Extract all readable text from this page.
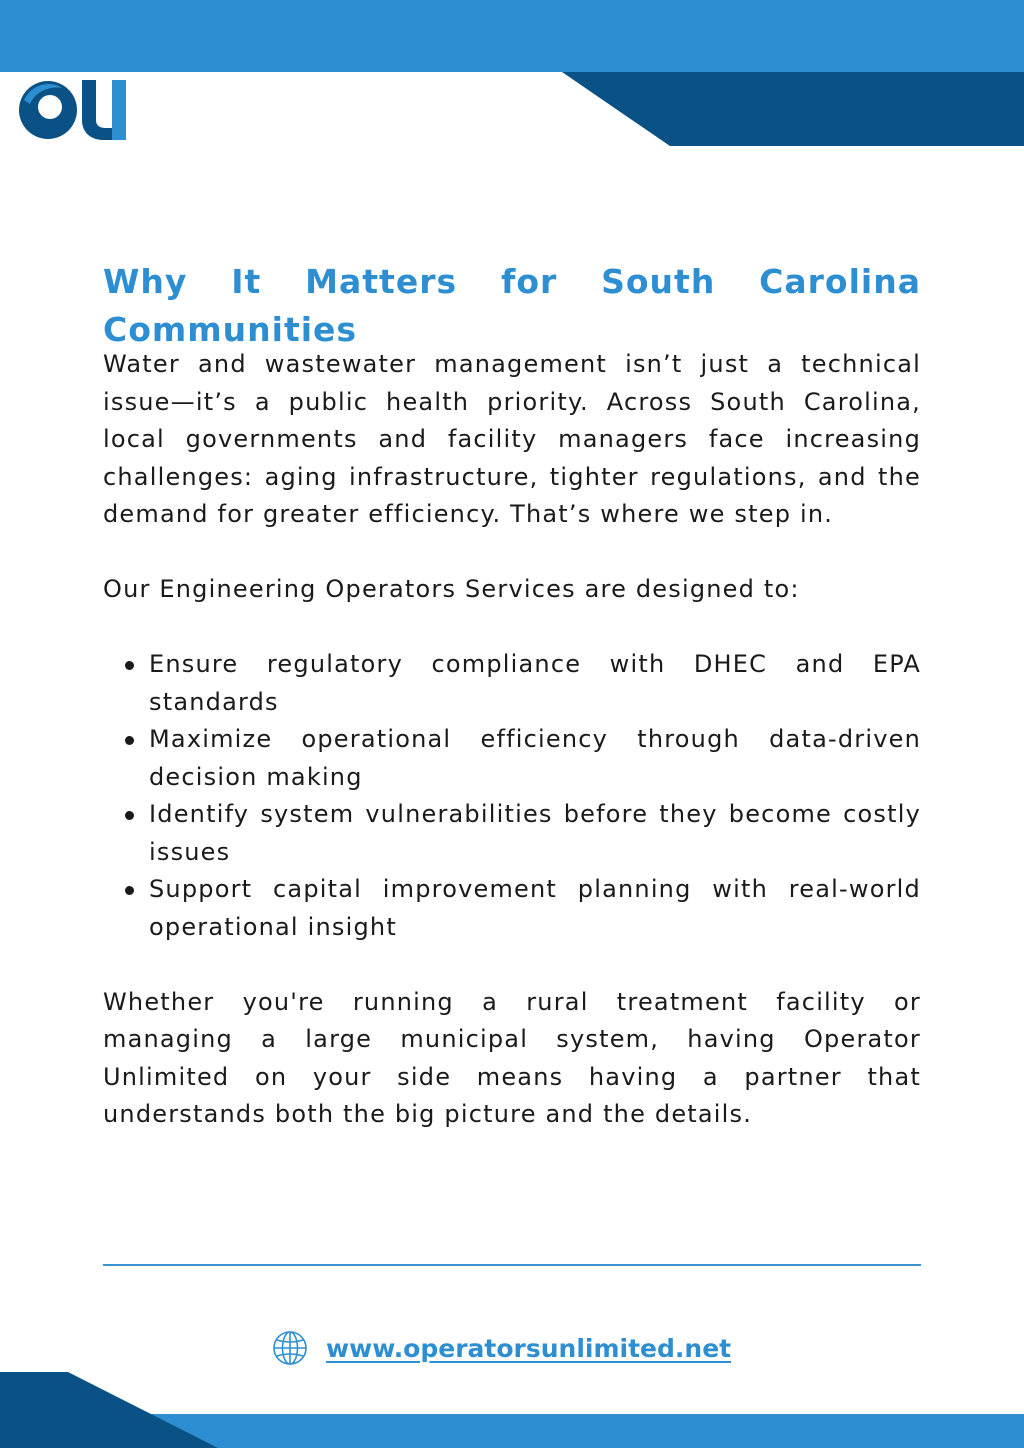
Why It Matters for South Carolina Communities

Water and wastewater management isn’t just a technical issue—it’s a public health priority. Across South Carolina, local governments and facility managers face increasing challenges: aging infrastructure, tighter regulations, and the demand for greater efficiency. That’s where we step in.

Our Engineering Operators Services are designed to:

Ensure regulatory compliance with DHEC and EPA standards
Maximize operational efficiency through data-driven decision making
Identify system vulnerabilities before they become costly issues
Support capital improvement planning with real-world operational insight

Whether you're running a rural treatment facility or managing a large municipal system, having Operator Unlimited on your side means having a partner that understands both the big picture and the details.

www.operatorsunlimited.net
